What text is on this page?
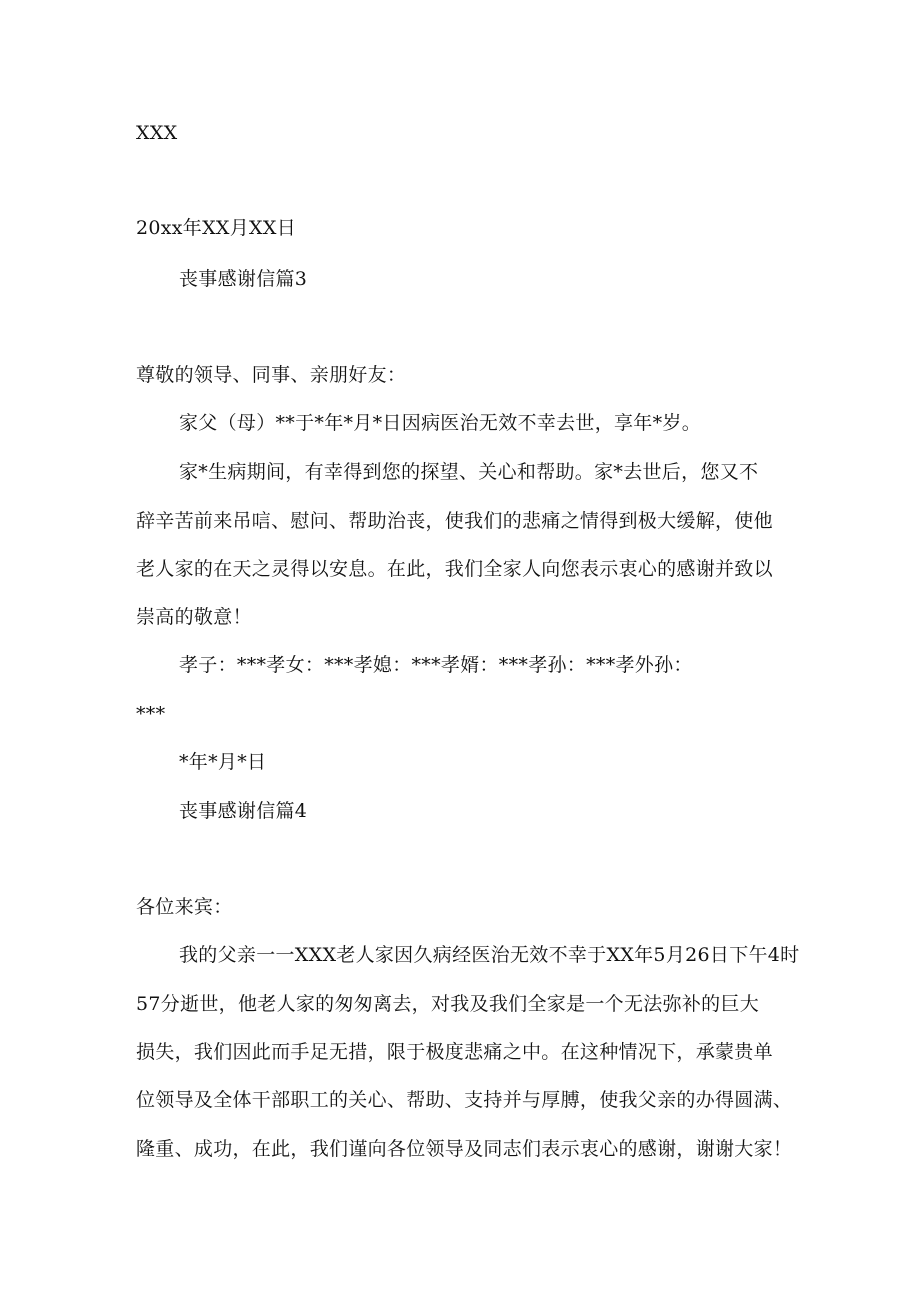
XXX
20xx年XX月XX日
丧事感谢信篇3
尊敬的领导、同事、亲朋好友：
家父（母）**于*年*月*日因病医治无效不幸去世，享年*岁。
家*生病期间，有幸得到您的探望、关心和帮助。家*去世后，您又不
辞辛苦前来吊唁、慰问、帮助治丧，使我们的悲痛之情得到极大缓解，使他
老人家的在天之灵得以安息。在此，我们全家人向您表示衷心的感谢并致以
崇高的敬意！
孝子：***孝女：***孝媳：***孝婿：***孝孙：***孝外孙：
***
*年*月*日
丧事感谢信篇4
各位来宾：
我的父亲一一XXX老人家因久病经医治无效不幸于XX年5月26日下午4时
57分逝世，他老人家的匆匆离去，对我及我们全家是一个无法弥补的巨大
损失，我们因此而手足无措，限于极度悲痛之中。在这种情况下，承蒙贵单
位领导及全体干部职工的关心、帮助、支持并与厚膊，使我父亲的办得圆满、
隆重、成功，在此，我们谨向各位领导及同志们表示衷心的感谢，谢谢大家！
